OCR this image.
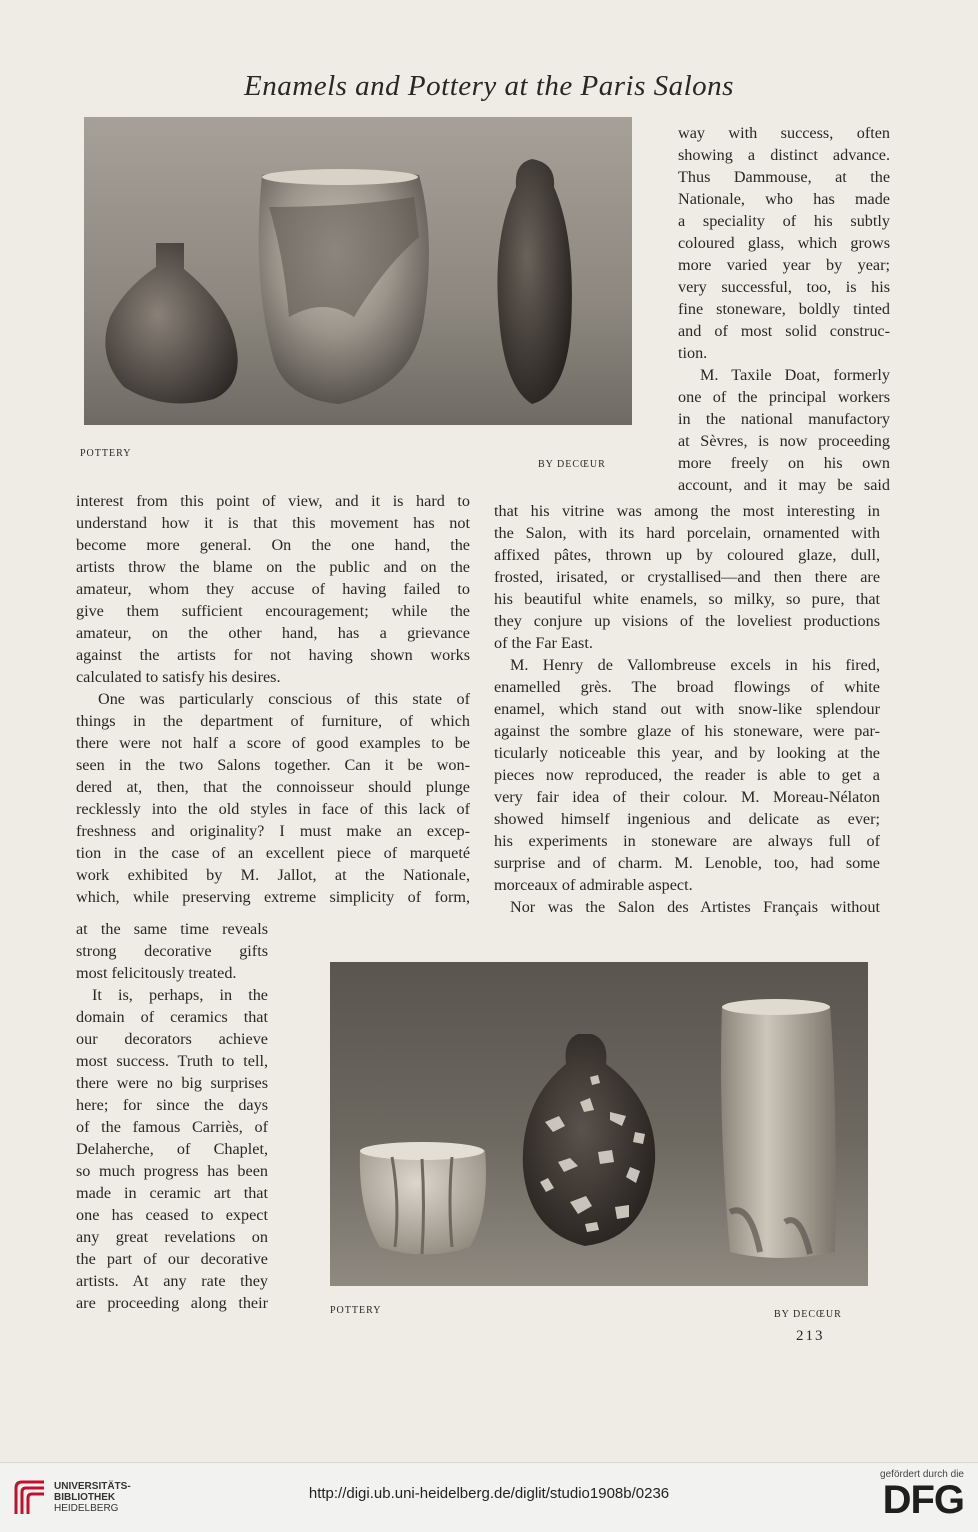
Enamels and Pottery at the Paris Salons
POTTERY
BY DECŒUR
way with success, often
showing a distinct advance.
Thus Dammouse, at the
Nationale, who has made
a speciality of his subtly
coloured glass, which grows
more varied year by year;
very successful, too, is his
fine stoneware, boldly tinted
and of most solid construc-
tion.
M. Taxile Doat, formerly
one of the principal workers
in the national manufactory
at Sèvres, is now proceeding
more freely on his own
account, and it may be said
interest from this point of view, and it is hard to
understand how it is that this movement has not
become more general. On the one hand, the
artists throw the blame on the public and on the
amateur, whom they accuse of having failed to
give them sufficient encouragement; while the
amateur, on the other hand, has a grievance
against the artists for not having shown works
calculated to satisfy his desires.
One was particularly conscious of this state of
things in the department of furniture, of which
there were not half a score of good examples to be
seen in the two Salons together. Can it be won-
dered at, then, that the connoisseur should plunge
recklessly into the old styles in face of this lack of
freshness and originality? I must make an excep-
tion in the case of an excellent piece of marqueté
work exhibited by M. Jallot, at the Nationale,
which, while preserving extreme simplicity of form,
at the same time reveals
strong decorative gifts
most felicitously treated.
It is, perhaps, in the
domain of ceramics that
our decorators achieve
most success. Truth to tell,
there were no big surprises
here; for since the days
of the famous Carriès, of
Delaherche, of Chaplet,
so much progress has been
made in ceramic art that
one has ceased to expect
any great revelations on
the part of our decorative
artists. At any rate they
are proceeding along their
that his vitrine was among the most interesting in
the Salon, with its hard porcelain, ornamented with
affixed pâtes, thrown up by coloured glaze, dull,
frosted, irisated, or crystallised—and then there are
his beautiful white enamels, so milky, so pure, that
they conjure up visions of the loveliest productions
of the Far East.
M. Henry de Vallombreuse excels in his fired,
enamelled grès. The broad flowings of white
enamel, which stand out with snow-like splendour
against the sombre glaze of his stoneware, were par-
ticularly noticeable this year, and by looking at the
pieces now reproduced, the reader is able to get a
very fair idea of their colour. M. Moreau-Nélaton
showed himself ingenious and delicate as ever;
his experiments in stoneware are always full of
surprise and of charm. M. Lenoble, too, had some
morceaux of admirable aspect.
Nor was the Salon des Artistes Français without
POTTERY	BY DECŒUR
213
UNIVERSITÄTS-
BIBLIOTHEK
HEIDELBERG
http://digi.ub.uni-heidelberg.de/diglit/studio1908b/0236
gefördert durch die
DFG
